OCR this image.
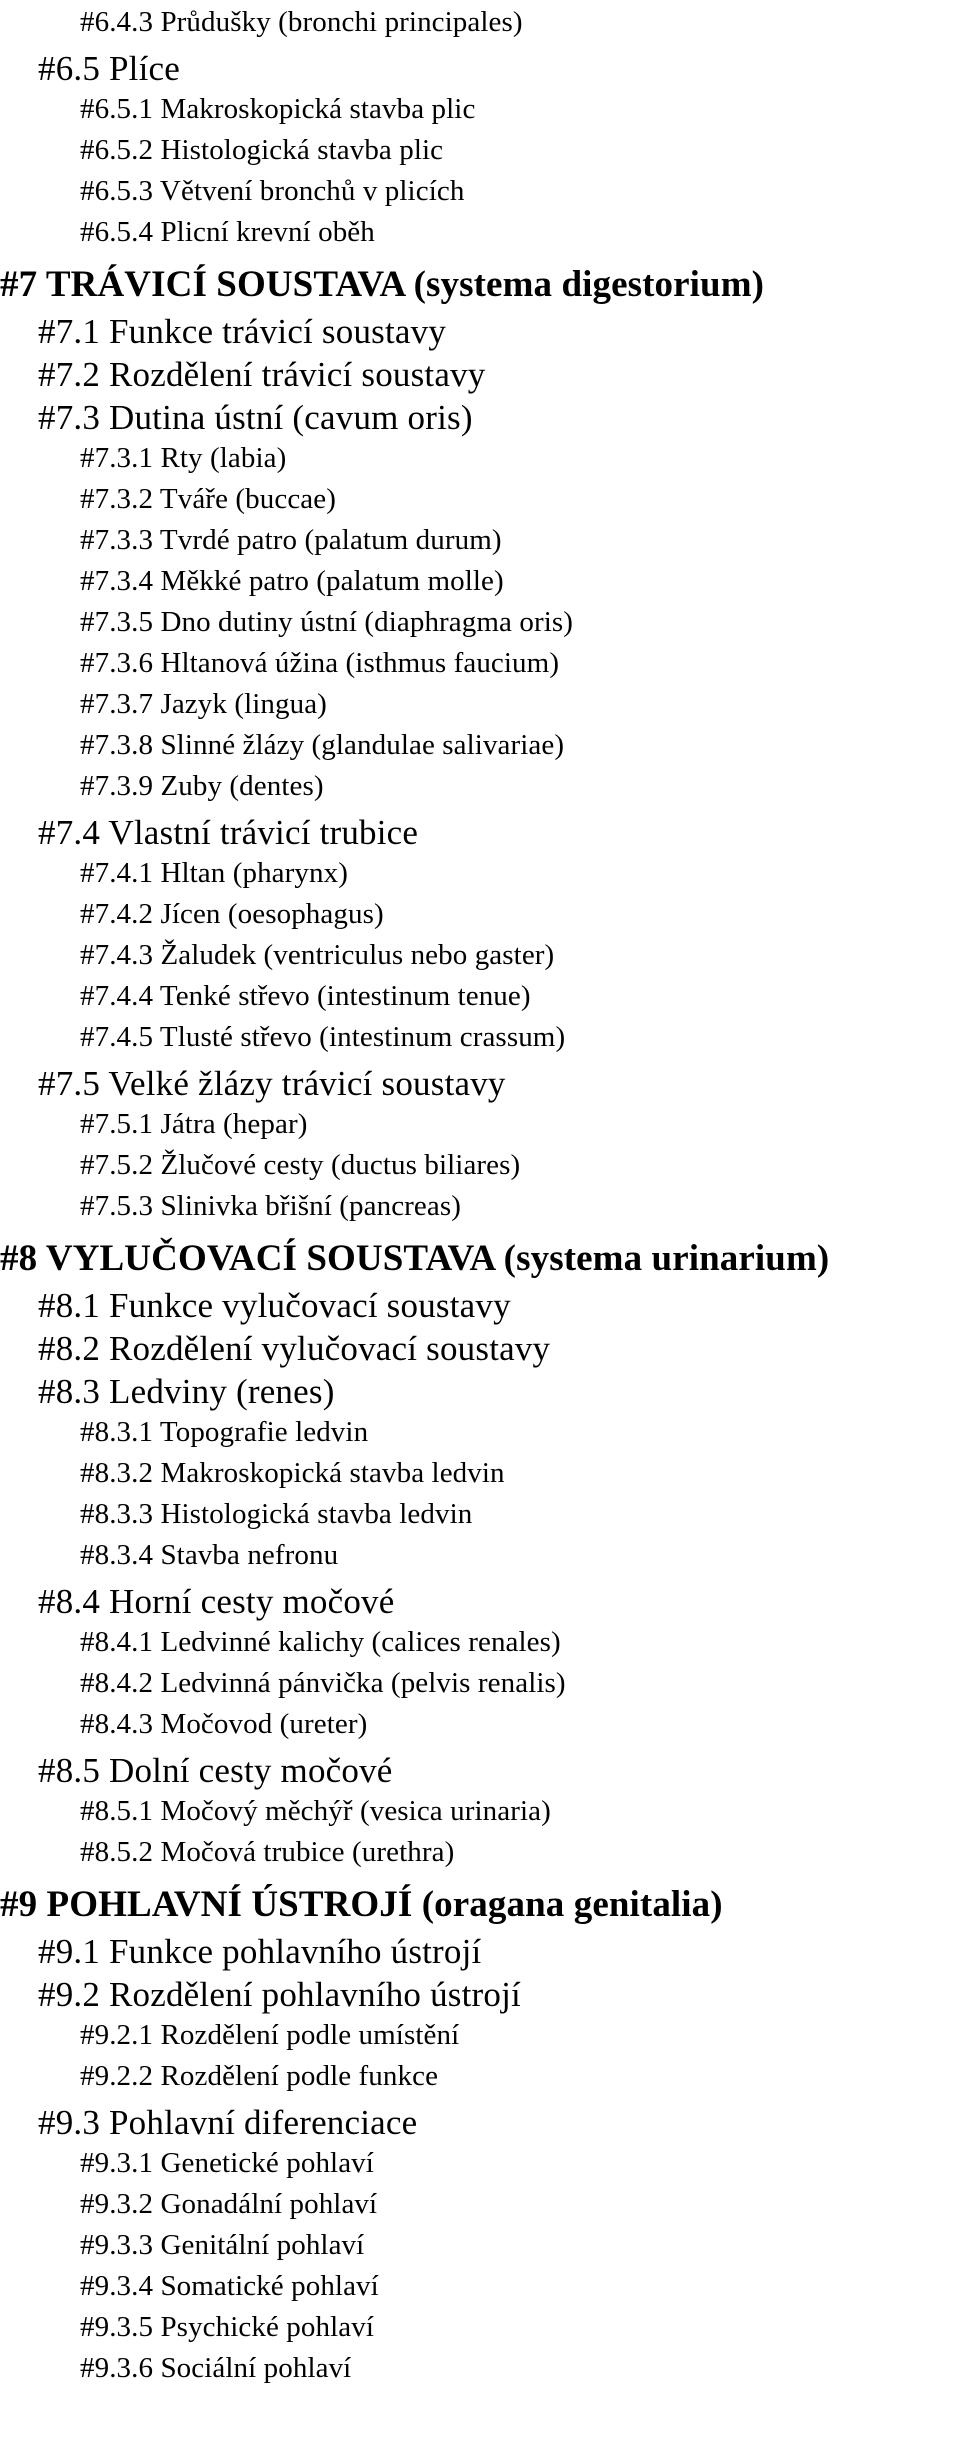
#6.4.3 Průdušky (bronchi principales)
#6.5 Plíce
#6.5.1 Makroskopická stavba plic
#6.5.2 Histologická stavba plic
#6.5.3 Větvení bronchů v plicích
#6.5.4 Plicní krevní oběh
#7 TRÁVICÍ SOUSTAVA (systema digestorium)
#7.1 Funkce trávicí soustavy
#7.2 Rozdělení trávicí soustavy
#7.3 Dutina ústní (cavum oris)
#7.3.1 Rty (labia)
#7.3.2 Tváře (buccae)
#7.3.3 Tvrdé patro (palatum durum)
#7.3.4 Měkké patro (palatum molle)
#7.3.5 Dno dutiny ústní (diaphragma oris)
#7.3.6 Hltanová úžina (isthmus faucium)
#7.3.7 Jazyk (lingua)
#7.3.8 Slinné žlázy (glandulae salivariae)
#7.3.9 Zuby (dentes)
#7.4 Vlastní trávicí trubice
#7.4.1 Hltan (pharynx)
#7.4.2 Jícen (oesophagus)
#7.4.3 Žaludek (ventriculus nebo gaster)
#7.4.4 Tenké střevo (intestinum tenue)
#7.4.5 Tlusté střevo (intestinum crassum)
#7.5 Velké žlázy trávicí soustavy
#7.5.1 Játra (hepar)
#7.5.2 Žlučové cesty (ductus biliares)
#7.5.3 Slinivka břišní (pancreas)
#8 VYLUČOVACÍ SOUSTAVA (systema urinarium)
#8.1 Funkce vylučovací soustavy
#8.2 Rozdělení vylučovací soustavy
#8.3 Ledviny (renes)
#8.3.1 Topografie ledvin
#8.3.2 Makroskopická stavba ledvin
#8.3.3 Histologická stavba ledvin
#8.3.4 Stavba nefronu
#8.4 Horní cesty močové
#8.4.1 Ledvinné kalichy (calices renales)
#8.4.2 Ledvinná pánvička (pelvis renalis)
#8.4.3 Močovod (ureter)
#8.5 Dolní cesty močové
#8.5.1 Močový měchýř (vesica urinaria)
#8.5.2 Močová trubice (urethra)
#9 POHLAVNÍ ÚSTROJÍ (oragana genitalia)
#9.1 Funkce pohlavního ústrojí
#9.2 Rozdělení pohlavního ústrojí
#9.2.1 Rozdělení podle umístění
#9.2.2 Rozdělení podle funkce
#9.3 Pohlavní diferenciace
#9.3.1 Genetické pohlaví
#9.3.2 Gonadální pohlaví
#9.3.3 Genitální pohlaví
#9.3.4 Somatické pohlaví
#9.3.5 Psychické pohlaví
#9.3.6 Sociální pohlaví
